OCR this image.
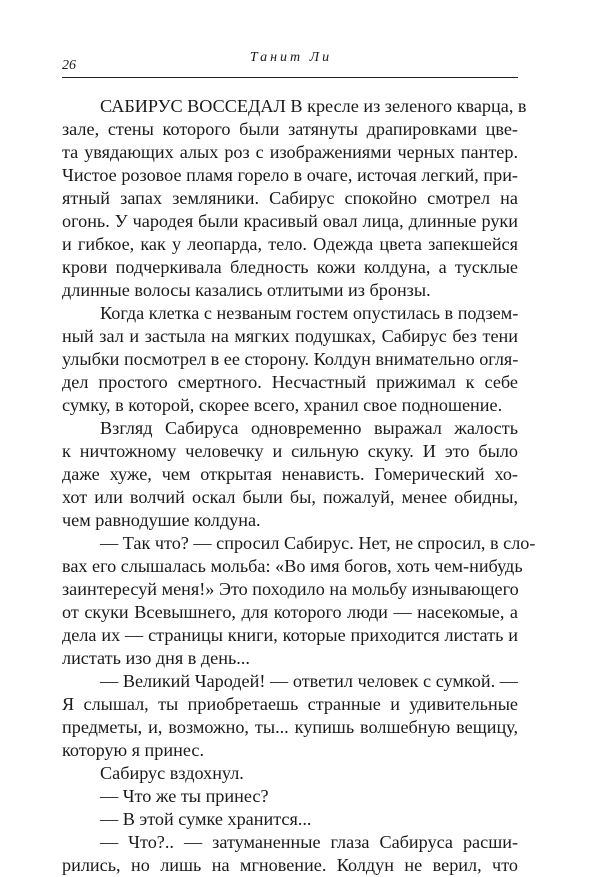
26
Танит Ли
САБИРУС ВОССЕДАЛ В кресле из зеленого кварца, в
зале, стены которого были затянуты драпировками цве-
та увядающих алых роз с изображениями черных пантер.
Чистое розовое пламя горело в очаге, источая легкий, при-
ятный запах земляники. Сабирус спокойно смотрел на
огонь. У чародея были красивый овал лица, длинные руки
и гибкое, как у леопарда, тело. Одежда цвета запекшейся
крови подчеркивала бледность кожи колдуна, а тусклые
длинные волосы казались отлитыми из бронзы.
Когда клетка с незваным гостем опустилась в подзем-
ный зал и застыла на мягких подушках, Сабирус без тени
улыбки посмотрел в ее сторону. Колдун внимательно огля-
дел простого смертного. Несчастный прижимал к себе
сумку, в которой, скорее всего, хранил свое подношение.
Взгляд Сабируса одновременно выражал жалость
к ничтожному человечку и сильную скуку. И это было
даже хуже, чем открытая ненависть. Гомерический хо-
хот или волчий оскал были бы, пожалуй, менее обидны,
чем равнодушие колдуна.
— Так что? — спросил Сабирус. Нет, не спросил, в сло-
вах его слышалась мольба: «Во имя богов, хоть чем-нибудь
заинтересуй меня!» Это походило на мольбу изнывающего
от скуки Всевышнего, для которого люди — насекомые, а
дела их — страницы книги, которые приходится листать и
листать изо дня в день...
— Великий Чародей! — ответил человек с сумкой. —
Я слышал, ты приобретаешь странные и удивительные
предметы, и, возможно, ты... купишь волшебную вещицу,
которую я принес.
Сабирус вздохнул.
— Что же ты принес?
— В этой сумке хранится...
— Что?.. — затуманенные глаза Сабируса расши-
рились, но лишь на мгновение. Колдун не верил, что
